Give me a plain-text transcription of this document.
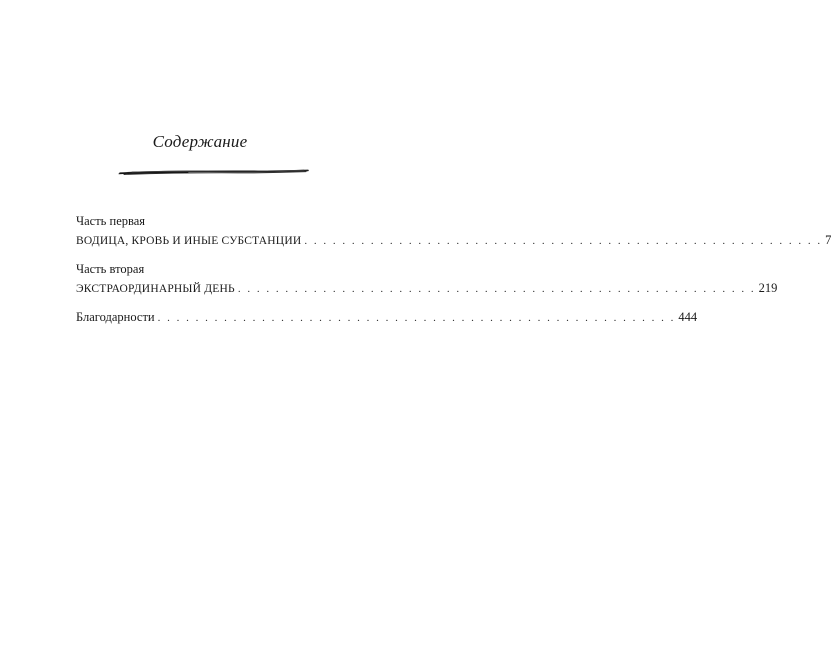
Содержание
Часть первая
ВОДИЦА, КРОВЬ И ИНЫЕ СУБСТАНЦИИ . . . . . . . . . . . . . . . . . . . . . . . . . . . . . . . . . . . . . . . . . . . . . . . . . . . . . . . 7
Часть вторая
ЭКСТРАОРДИНАРНЫЙ ДЕНЬ . . . . . . . . . . . . . . . . . . . . . . . . . . . . . . . . . . . . . . . . . . . . . . . . . . . . . . . 219
Благодарности . . . . . . . . . . . . . . . . . . . . . . . . . . . . . . . . . . . . . . . . . . . . . . . . . . . . . . . 444
